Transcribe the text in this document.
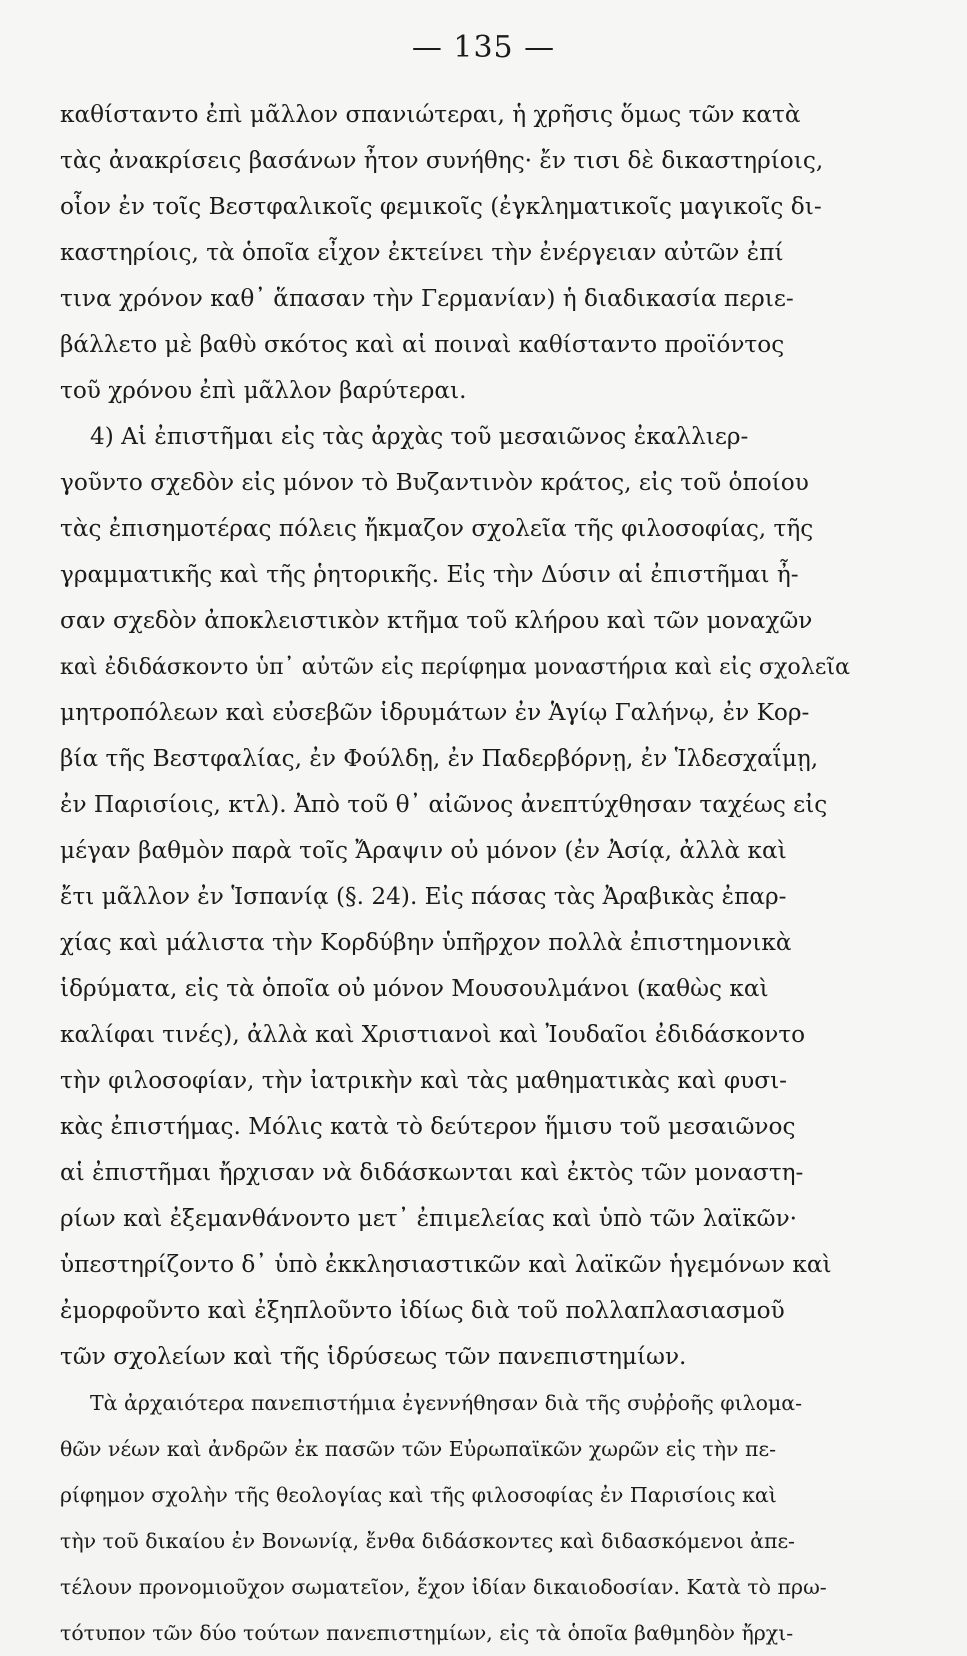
— 135 —
καθίσταντο ἐπὶ μᾶλλον σπανιώτεραι, ἡ χρῆσις ὅμως τῶν κατὰ
τὰς ἀνακρίσεις βασάνων ἦτον συνήθης· ἔν τισι δὲ δικαστηρίοις,
οἷον ἐν τοῖς Βεστφαλικοῖς φεμικοῖς (ἐγκληματικοῖς μαγικοῖς δι-
καστηρίοις, τὰ ὁποῖα εἶχον ἐκτείνει τὴν ἐνέργειαν αὐτῶν ἐπί
τινα χρόνον καθ᾽ ἅπασαν τὴν Γερμανίαν) ἡ διαδικασία περιε-
βάλλετο μὲ βαθὺ σκότος καὶ αἱ ποιναὶ καθίσταντο προϊόντος
τοῦ χρόνου ἐπὶ μᾶλλον βαρύτεραι.
4) Αἱ ἐπιστῆμαι εἰς τὰς ἀρχὰς τοῦ μεσαιῶνος ἐκαλλιερ-
γοῦντο σχεδὸν εἰς μόνον τὸ Βυζαντινὸν κράτος, εἰς τοῦ ὁποίου
τὰς ἐπισημοτέρας πόλεις ἤκμαζον σχολεῖα τῆς φιλοσοφίας, τῆς
γραμματικῆς καὶ τῆς ῥητορικῆς. Εἰς τὴν Δύσιν αἱ ἐπιστῆμαι ἦ-
σαν σχεδὸν ἀποκλειστικὸν κτῆμα τοῦ κλήρου καὶ τῶν μοναχῶν
καὶ ἐδιδάσκοντο ὑπ᾽ αὐτῶν εἰς περίφημα μοναστήρια καὶ εἰς σχολεῖα
μητροπόλεων καὶ εὐσεβῶν ἱδρυμάτων ἐν Ἁγίῳ Γαλήνῳ, ἐν Κορ-
βία τῆς Βεστφαλίας, ἐν Φούλδῃ, ἐν Παδερβόρνῃ, ἐν Ἱλδεσχαΐμῃ,
ἐν Παρισίοις, κτλ). Ἀπὸ τοῦ θ᾽ αἰῶνος ἀνεπτύχθησαν ταχέως εἰς
μέγαν βαθμὸν παρὰ τοῖς Ἄραψιν οὐ μόνον (ἐν Ἀσίᾳ, ἀλλὰ καὶ
ἔτι μᾶλλον ἐν Ἱσπανίᾳ (§. 24). Εἰς πάσας τὰς Ἀραβικὰς ἐπαρ-
χίας καὶ μάλιστα τὴν Κορδύβην ὑπῆρχον πολλὰ ἐπιστημονικὰ
ἱδρύματα, εἰς τὰ ὁποῖα οὐ μόνον Μουσουλμάνοι (καθὼς καὶ
καλίφαι τινές), ἀλλὰ καὶ Χριστιανοὶ καὶ Ἰουδαῖοι ἐδιδάσκοντο
τὴν φιλοσοφίαν, τὴν ἰατρικὴν καὶ τὰς μαθηματικὰς καὶ φυσι-
κὰς ἐπιστήμας. Μόλις κατὰ τὸ δεύτερον ἥμισυ τοῦ μεσαιῶνος
αἱ ἐπιστῆμαι ἤρχισαν νὰ διδάσκωνται καὶ ἐκτὸς τῶν μοναστη-
ρίων καὶ ἐξεμανθάνοντο μετ᾽ ἐπιμελείας καὶ ὑπὸ τῶν λαϊκῶν·
ὑπεστηρίζοντο δ᾽ ὑπὸ ἐκκλησιαστικῶν καὶ λαϊκῶν ἡγεμόνων καὶ
ἐμορφοῦντο καὶ ἐξηπλοῦντο ἰδίως διὰ τοῦ πολλαπλασιασμοῦ
τῶν σχολείων καὶ τῆς ἱδρύσεως τῶν πανεπιστημίων.
Τὰ ἀρχαιότερα πανεπιστήμια ἐγεννήθησαν διὰ τῆς συῤῥοῆς φιλομα-
θῶν νέων καὶ ἀνδρῶν ἐκ πασῶν τῶν Εὐρωπαϊκῶν χωρῶν εἰς τὴν πε-
ρίφημον σχολὴν τῆς θεολογίας καὶ τῆς φιλοσοφίας ἐν Παρισίοις καὶ
τὴν τοῦ δικαίου ἐν Βονωνίᾳ, ἔνθα διδάσκοντες καὶ διδασκόμενοι ἀπε-
τέλουν προνομιοῦχον σωματεῖον, ἔχον ἰδίαν δικαιοδοσίαν. Κατὰ τὸ πρω-
τότυπον τῶν δύο τούτων πανεπιστημίων, εἰς τὰ ὁποῖα βαθμηδὸν ἤρχι-
